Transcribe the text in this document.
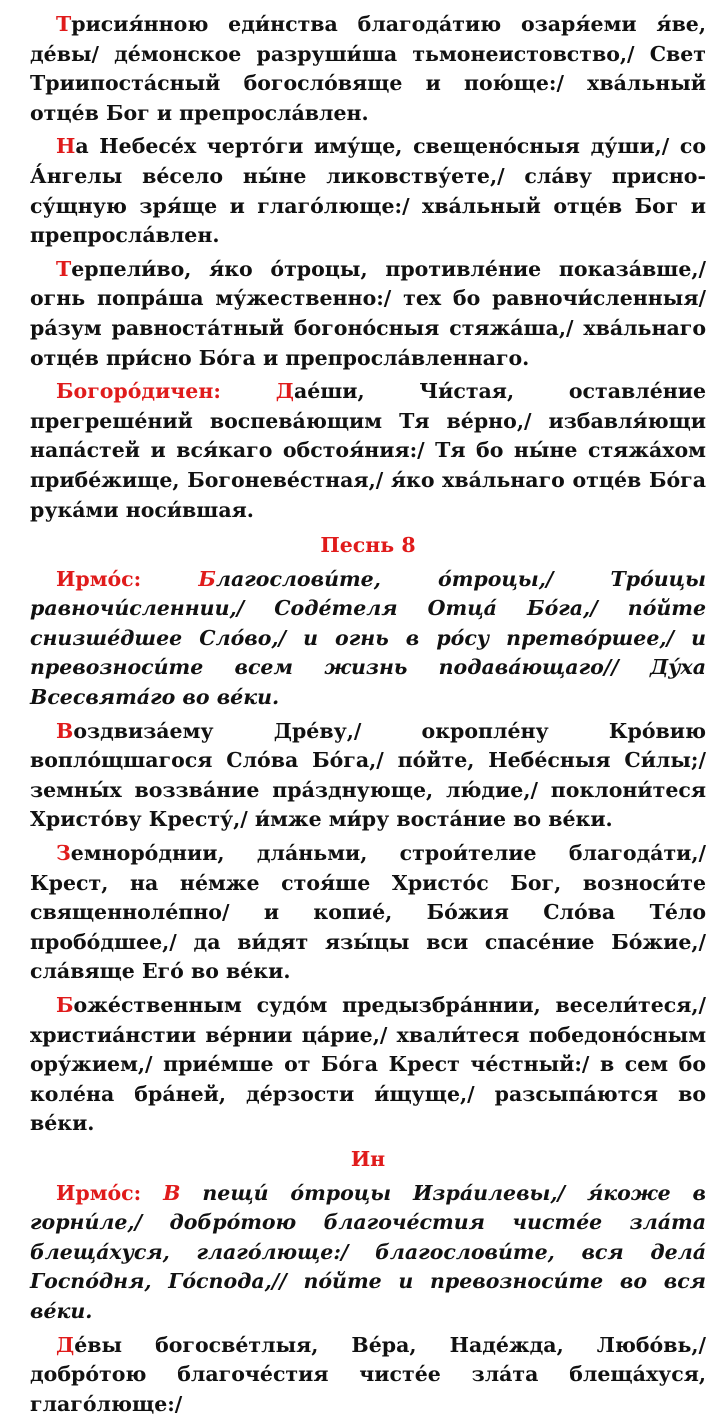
Трисия́нною еди́нства благода́тию озаря́еми я́ве, де́вы/ де́монское разруши́ша тьмонеистовство,/ Свет Триипоста́сный богосло́вяще и пою́ще:/ хва́льный отце́в Бог и препросла́влен.

На Небесе́х черто́ги иму́ще, свещено́сныя ду́ши,/ со А́нгелы ве́село ны́не ликовству́ете,/ сла́ву присно-су́щную зря́ще и глаго́люще:/ хва́льный отце́в Бог и препросла́влен.

Терпели́во, я́ко о́троцы, противле́ние показа́вше,/ огнь попра́ша му́жественно:/ тех бо равночи́сленныя/ ра́зум равноста́тный богоно́сныя стяжа́ша,/ хва́льнаго отце́в при́сно Бо́га и препросла́вленнаго.

Богоро́дичен: Дае́ши, Чи́стая, оставле́ние прегреше́ний воспева́ющим Тя ве́рно,/ избавля́ющи напа́стей и вся́каго обстоя́ния:/ Тя бо ны́не стяжа́хом прибе́жище, Богоневе́стная,/ я́ко хва́льнаго отце́в Бо́га рука́ми носи́вшая.

Песнь 8

Ирмо́с: Благослови́те, о́троцы,/ Тро́ицы равночи́сленнии,/ Соде́теля Отца́ Бо́га,/ по́йте снизше́дшее Сло́во,/ и огнь в ро́су претво́ршее,/ и превозноси́те всем жизнь подава́ющаго// Ду́ха Всесвята́го во ве́ки.

Воздвиза́ему Дре́ву,/ окропле́ну Кро́вию вопло́щшагося Сло́ва Бо́га,/ по́йте, Небе́сныя Си́лы;/ земны́х воззва́ние пра́зднующе, лю́дие,/ поклони́теся Христо́ву Кресту́,/ и́мже ми́ру воста́ние во ве́ки.

Земноро́днии, дла́ньми, строи́телие благода́ти,/ Крест, на не́мже стоя́ше Христо́с Бог, возноси́те священноле́пно/ и копие́, Бо́жия Сло́ва Те́ло пробо́дшее,/ да ви́дят язы́цы вси спасе́ние Бо́жие,/ сла́вяще Его́ во ве́ки.

Боже́ственным судо́м предызбра́ннии, весели́теся,/ христиа́нстии ве́рнии ца́рие,/ хвали́теся победоно́сным ору́жием,/ прие́мше от Бо́га Крест че́стный:/ в сем бо коле́на бра́ней, де́рзости и́щуще,/ разсыпа́ются во ве́ки.

Ин

Ирмо́с: В пещи́ о́троцы Изра́илевы,/ я́коже в горни́ле,/ добро́тою благоче́стия чисте́е зла́та блеща́хуся, глаго́люще:/ благослови́те, вся дела́ Госпо́дня, Го́спода,// по́йте и превозноси́те во вся ве́ки.

Де́вы богосве́тлыя, Ве́ра, Наде́жда, Любо́вь,/ добро́тою благоче́стия чисте́е зла́та блеща́хуся, глаго́люще:/
